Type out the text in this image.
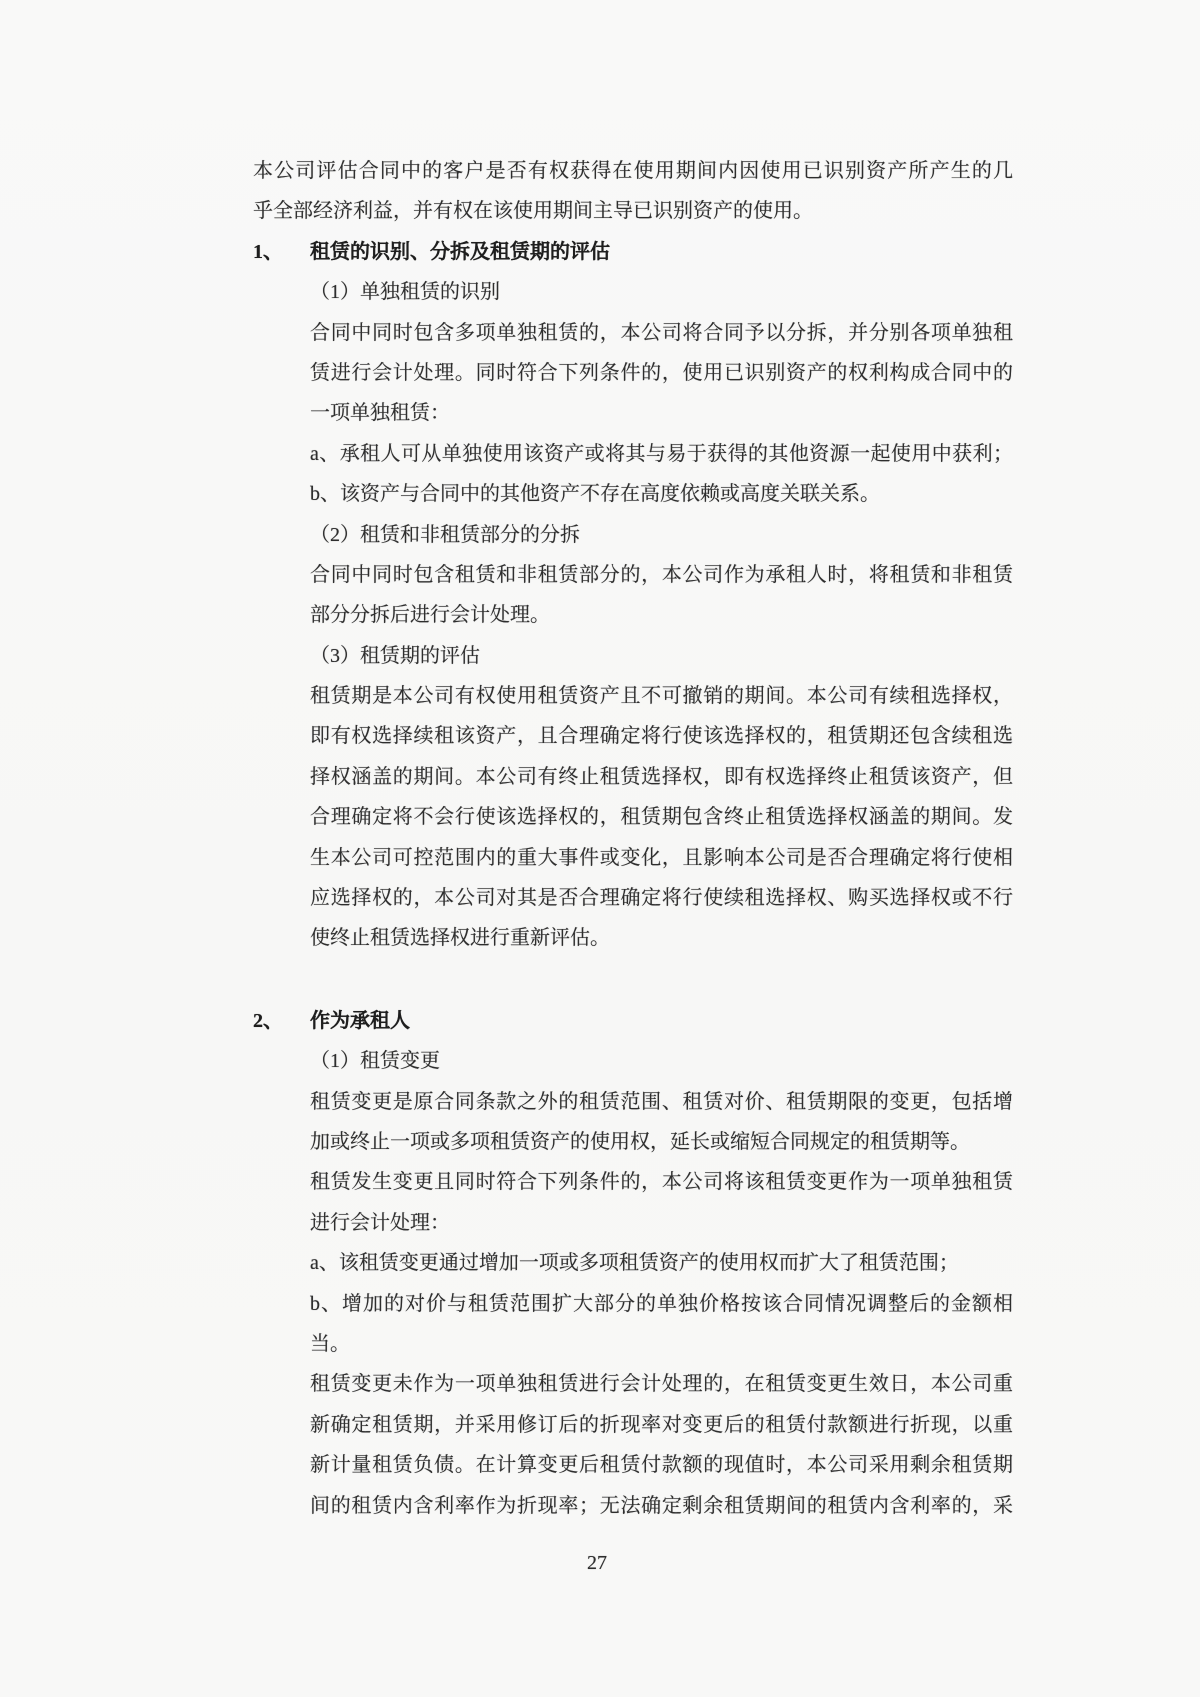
本公司评估合同中的客户是否有权获得在使用期间内因使用已识别资产所产生的几
乎全部经济利益，并有权在该使用期间主导已识别资产的使用。
1、 租赁的识别、分拆及租赁期的评估
（1）单独租赁的识别
合同中同时包含多项单独租赁的，本公司将合同予以分拆，并分别各项单独租
赁进行会计处理。同时符合下列条件的，使用已识别资产的权利构成合同中的
一项单独租赁：
a、承租人可从单独使用该资产或将其与易于获得的其他资源一起使用中获利；
b、该资产与合同中的其他资产不存在高度依赖或高度关联关系。
（2）租赁和非租赁部分的分拆
合同中同时包含租赁和非租赁部分的，本公司作为承租人时，将租赁和非租赁
部分分拆后进行会计处理。
（3）租赁期的评估
租赁期是本公司有权使用租赁资产且不可撤销的期间。本公司有续租选择权，
即有权选择续租该资产，且合理确定将行使该选择权的，租赁期还包含续租选
择权涵盖的期间。本公司有终止租赁选择权，即有权选择终止租赁该资产，但
合理确定将不会行使该选择权的，租赁期包含终止租赁选择权涵盖的期间。发
生本公司可控范围内的重大事件或变化，且影响本公司是否合理确定将行使相
应选择权的，本公司对其是否合理确定将行使续租选择权、购买选择权或不行
使终止租赁选择权进行重新评估。
2、 作为承租人
（1）租赁变更
租赁变更是原合同条款之外的租赁范围、租赁对价、租赁期限的变更，包括增
加或终止一项或多项租赁资产的使用权，延长或缩短合同规定的租赁期等。
租赁发生变更且同时符合下列条件的，本公司将该租赁变更作为一项单独租赁
进行会计处理：
a、该租赁变更通过增加一项或多项租赁资产的使用权而扩大了租赁范围；
b、增加的对价与租赁范围扩大部分的单独价格按该合同情况调整后的金额相
当。
租赁变更未作为一项单独租赁进行会计处理的，在租赁变更生效日，本公司重
新确定租赁期，并采用修订后的折现率对变更后的租赁付款额进行折现，以重
新计量租赁负债。在计算变更后租赁付款额的现值时，本公司采用剩余租赁期
间的租赁内含利率作为折现率；无法确定剩余租赁期间的租赁内含利率的，采
27
